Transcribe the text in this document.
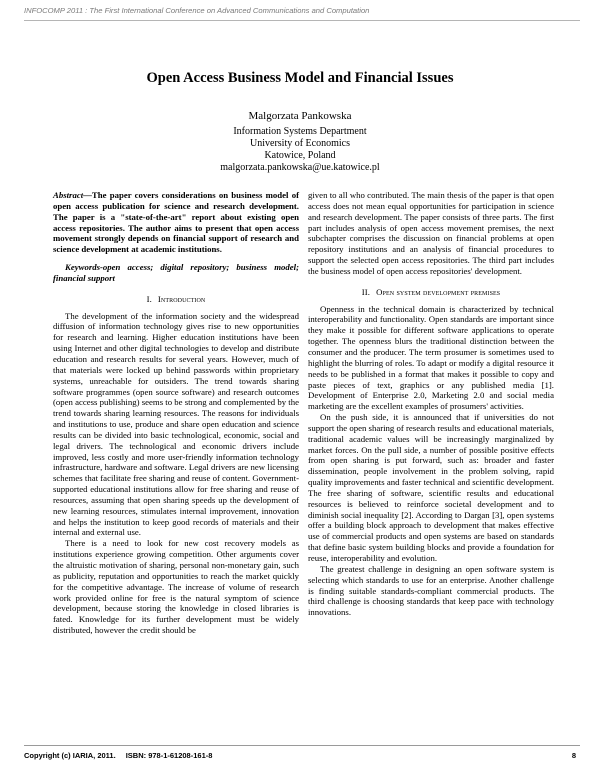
INFOCOMP 2011 : The First International Conference on Advanced Communications and Computation
Open Access Business Model and Financial Issues
Malgorzata Pankowska
Information Systems Department
University of Economics
Katowice, Poland
malgorzata.pankowska@ue.katowice.pl

Abstract—The paper covers considerations on business model of open access publication for science and research development. The paper is a "state-of-the-art" report about existing open access repositories. The author aims to present that open access movement strongly depends on financial support of research and science development at academic institutions.

Keywords-open access; digital repository; business model; financial support

I. Introduction

The development of the information society and the widespread diffusion of information technology gives rise to new opportunities for research and learning. Higher education institutions have been using Internet and other digital technologies to develop and distribute education and research results for several years. However, much of that materials were locked up behind passwords within proprietary systems, unreachable for outsiders. The trend towards sharing software programmes (open source software) and research outcomes (open access publishing) seems to be strong and complemented by the trend towards sharing learning resources. The reasons for individuals and institutions to use, produce and share open education and science results can be divided into basic technological, economic, social and legal drivers. The technological and economic drivers include improved, less costly and more user-friendly information technology infrastructure, hardware and software. Legal drivers are new licensing schemes that facilitate free sharing and reuse of content. Government-supported educational institutions allow for free sharing and reuse of resources, assuming that open sharing speeds up the development of new learning resources, stimulates internal improvement, innovation and helps the institution to keep good records of materials and their internal and external use.

There is a need to look for new cost recovery models as institutions experience growing competition. Other arguments cover the altruistic motivation of sharing, personal non-monetary gain, such as publicity, reputation and opportunities to reach the market quickly for the competitive advantage. The increase of volume of research work provided online for free is the natural symptom of science development, because storing the knowledge in closed libraries is fated. Knowledge for its further development must be widely distributed, however the credit should be

given to all who contributed. The main thesis of the paper is that open access does not mean equal opportunities for participation in science and research development. The paper consists of three parts. The first part includes analysis of open access movement premises, the next subchapter comprises the discussion on financial problems at open repository institutions and an analysis of financial procedures to support the selected open access repositories. The third part includes the business model of open access repositories' development.

II. Open system development premises

Openness in the technical domain is characterized by technical interoperability and functionality. Open standards are important since they make it possible for different software applications to operate together. The openness blurs the traditional distinction between the consumer and the producer. The term prosumer is sometimes used to highlight the blurring of roles. To adapt or modify a digital resource it needs to be published in a format that makes it possible to copy and paste pieces of text, graphics or any published media [1]. Development of Enterprise 2.0, Marketing 2.0 and social media marketing are the excellent examples of prosumers' activities.

On the push side, it is announced that if universities do not support the open sharing of research results and educational materials, traditional academic values will be increasingly marginalized by market forces. On the pull side, a number of possible positive effects from open sharing is put forward, such as: broader and faster dissemination, people involvement in the problem solving, rapid quality improvements and faster technical and scientific development. The free sharing of software, scientific results and educational resources is believed to reinforce societal development and to diminish social inequality [2]. According to Dargan [3], open systems offer a building block approach to development that makes effective use of commercial products and open systems are based on standards that define basic system building blocks and provide a foundation for reuse, interoperability and evolution.

The greatest challenge in designing an open software system is selecting which standards to use for an enterprise. Another challenge is finding suitable standards-compliant commercial products. The third challenge is choosing standards that keep pace with technology innovations.

Copyright (c) IARIA, 2011. ISBN: 978-1-61208-161-8	8
